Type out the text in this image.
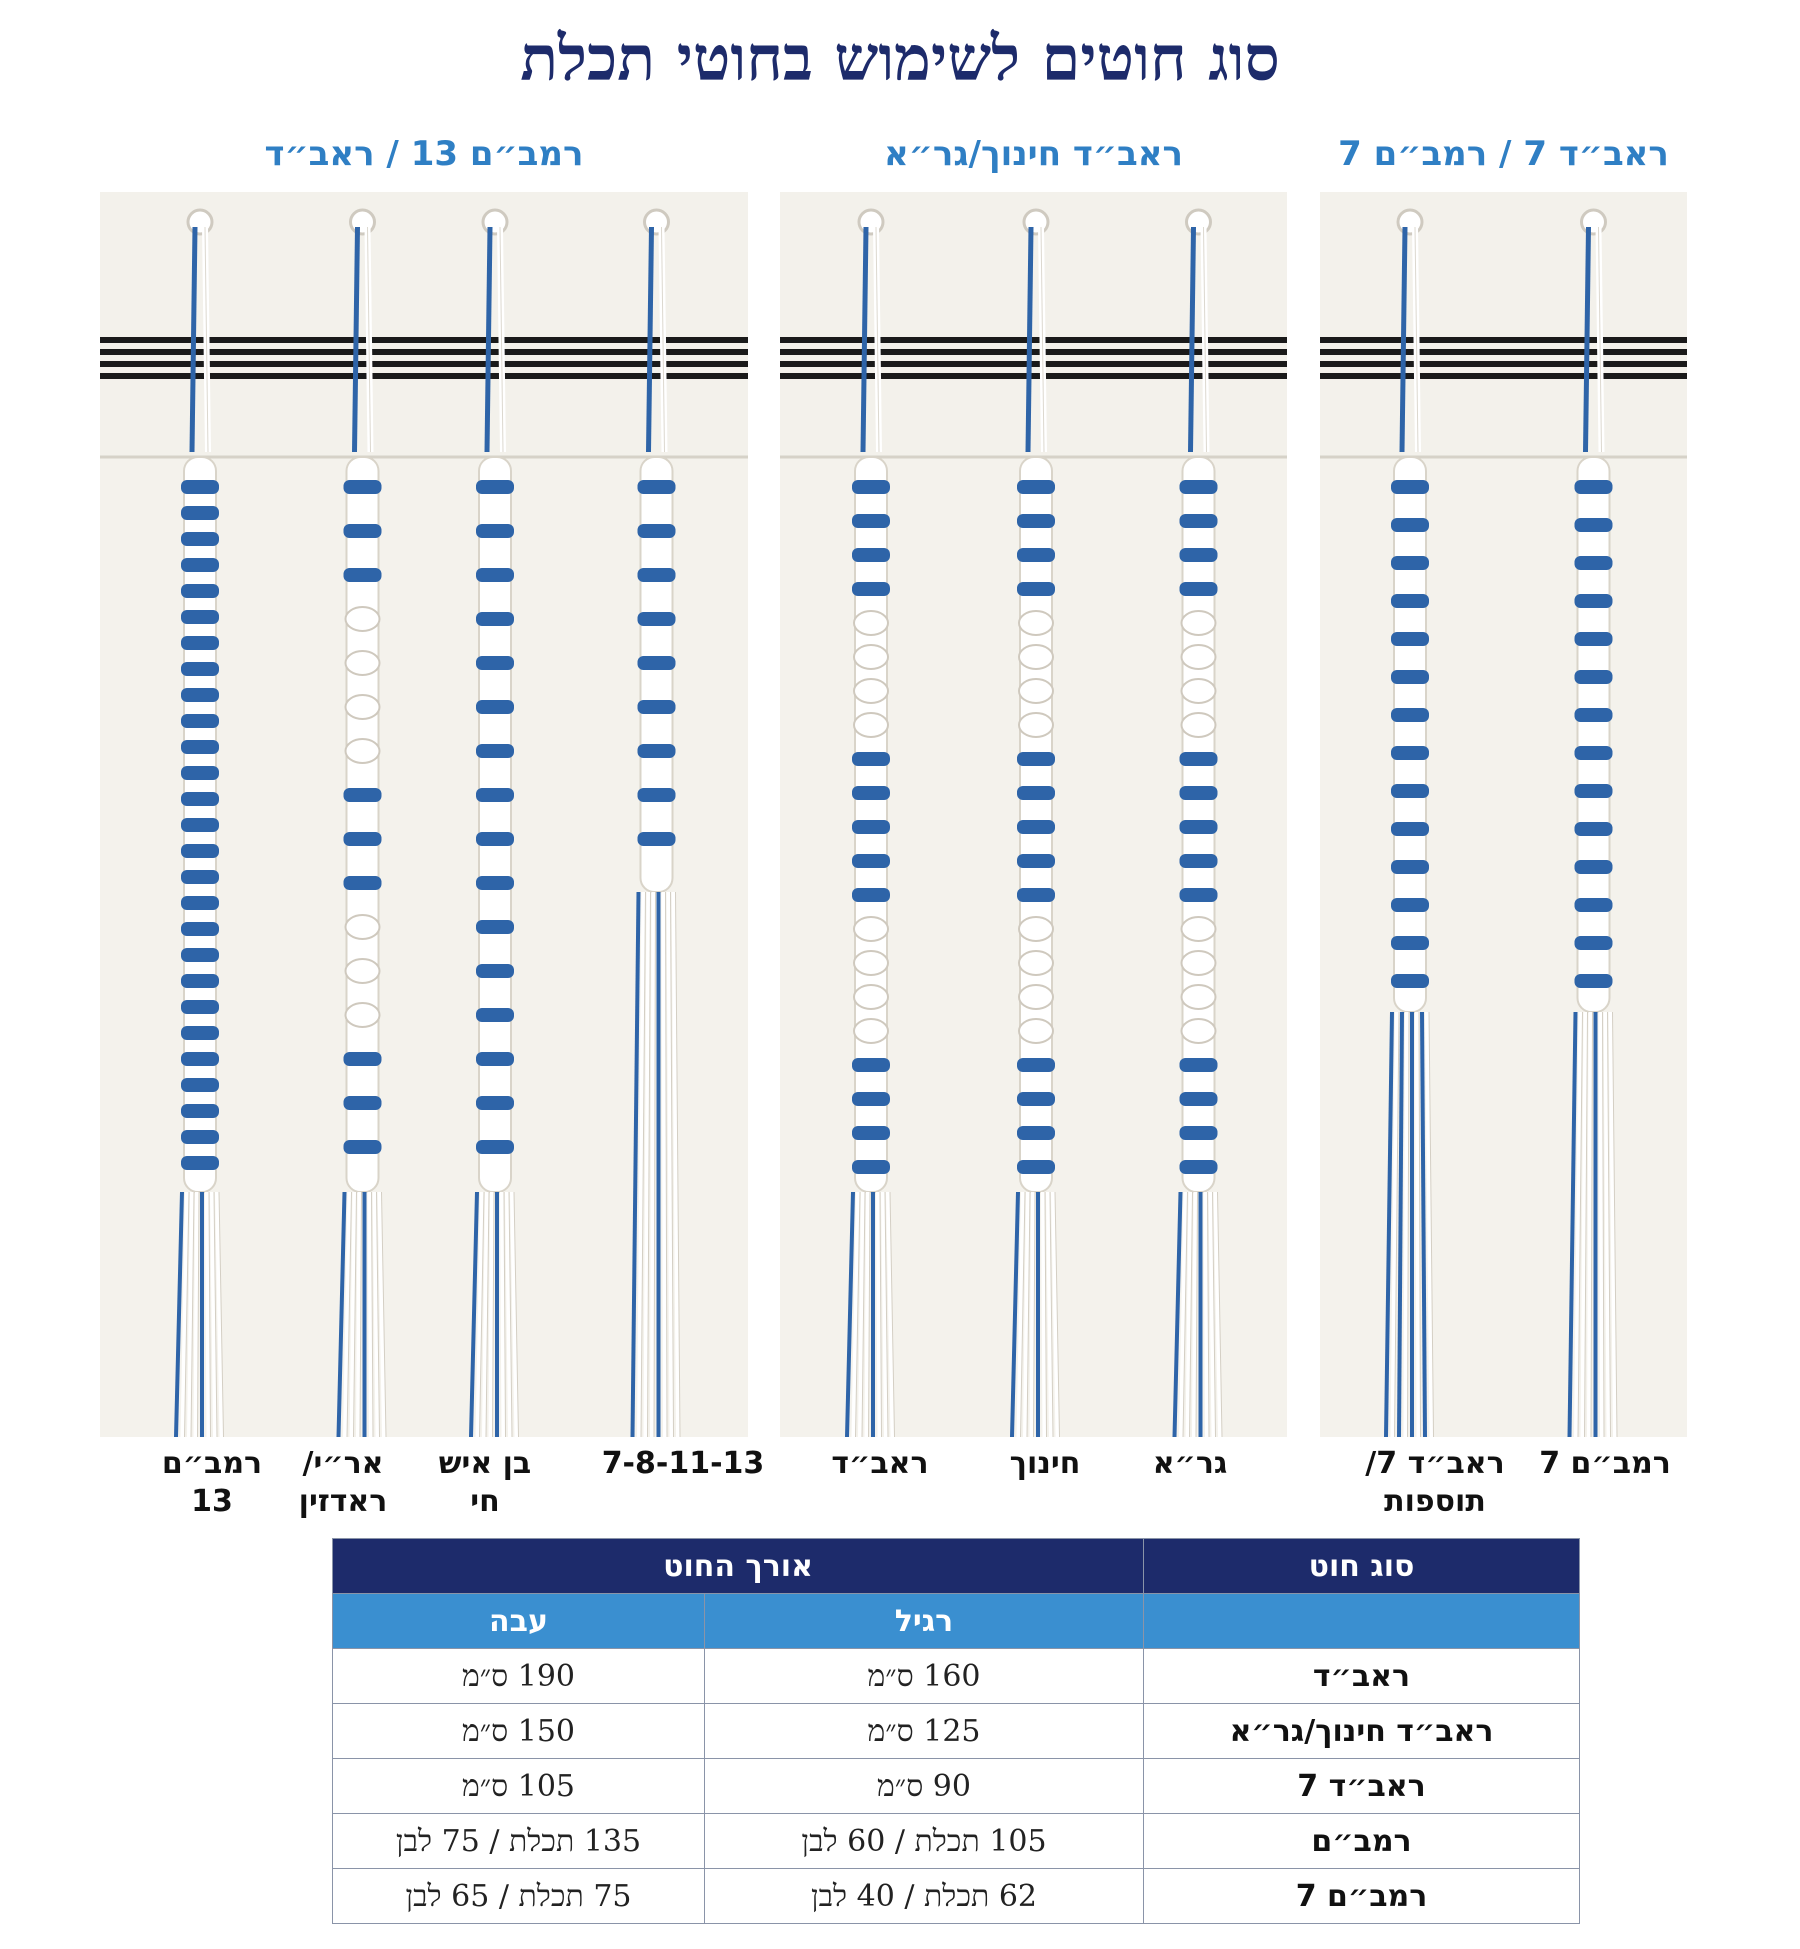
סוג חוטים לשימוש בחוטי תכלת
רמב״ם 13 / ראב״ד	ראב״ד חינוך/גר״א	ראב״ד 7 / רמב״ם 7
רמב״ם
13
אר״י/
ראדזין
בן איש
חי
7-8-11-13	ראב״ד	חינוך	גר״א	ראב״ד 7/
תוספות
רמב״ם 7
סוג חוט	אורך החוט	
	רגיל	עבה
ראב״ד	160 ס״מ	190 ס״מ
ראב״ד חינוך/גר״א	125 ס״מ	150 ס״מ
ראב״ד 7	90 ס״מ	105 ס״מ
רמב״ם	105 תכלת / 60 לבן	135 תכלת / 75 לבן
רמב״ם 7	62 תכלת / 40 לבן	75 תכלת / 65 לבן
